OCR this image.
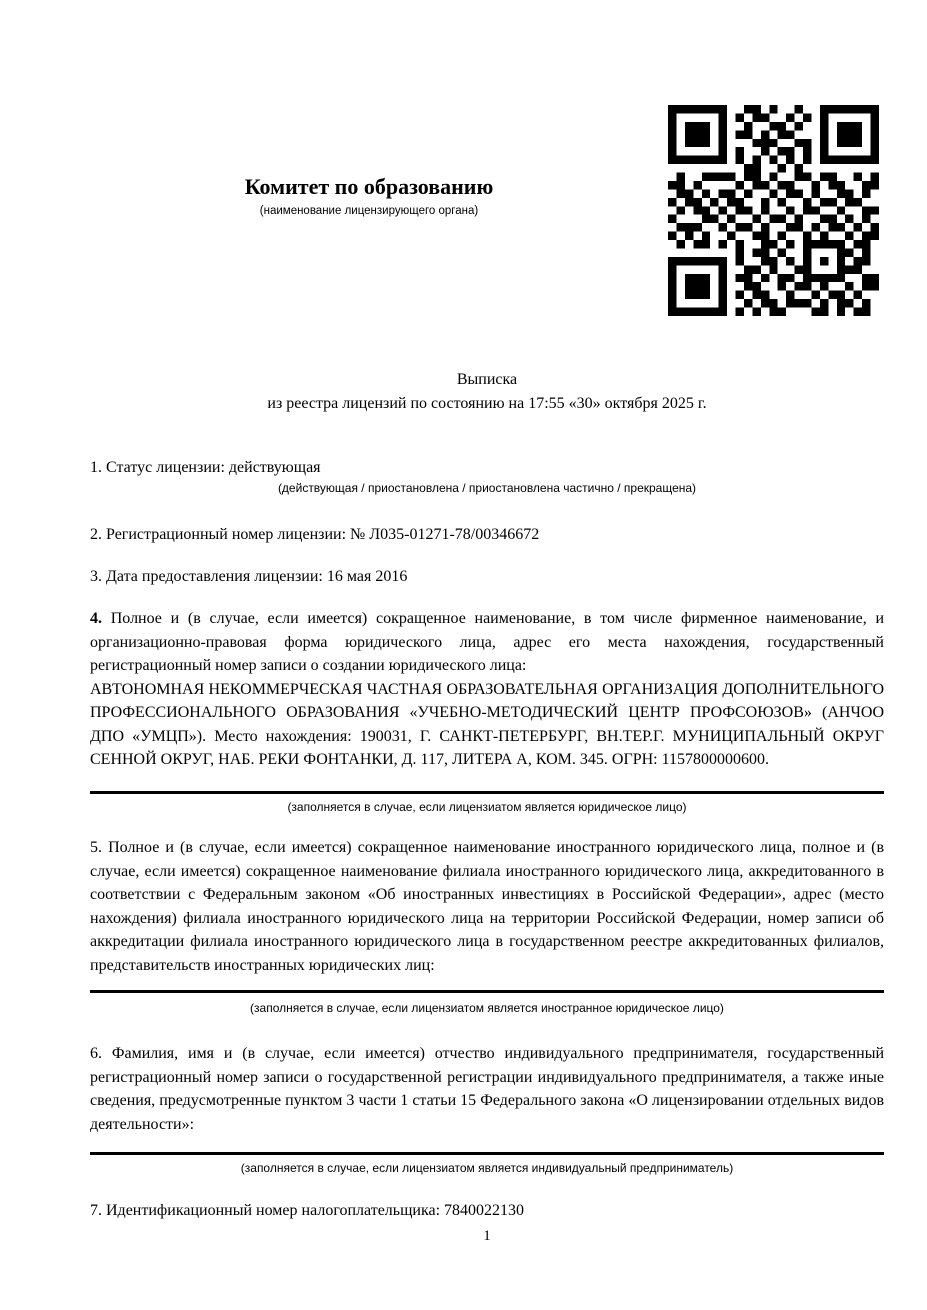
Комитет по образованию
(наименование лицензирующего органа)
Выписка
из реестра лицензий по состоянию на 17:55 «30» октября 2025 г.
1. Статус лицензии: действующая
(действующая / приостановлена / приостановлена частично / прекращена)
2. Регистрационный номер лицензии: № Л035-01271-78/00346672
3. Дата предоставления лицензии: 16 мая 2016
4. Полное и (в случае, если имеется) сокращенное наименование, в том числе фирменное наименование, и организационно-правовая форма юридического лица, адрес его места нахождения, государственный регистрационный номер записи о создании юридического лица:
АВТОНОМНАЯ НЕКОММЕРЧЕСКАЯ ЧАСТНАЯ ОБРАЗОВАТЕЛЬНАЯ ОРГАНИЗАЦИЯ ДОПОЛНИТЕЛЬНОГО ПРОФЕССИОНАЛЬНОГО ОБРАЗОВАНИЯ «УЧЕБНО-МЕТОДИЧЕСКИЙ ЦЕНТР ПРОФСОЮЗОВ» (АНЧОО ДПО «УМЦП»). Место нахождения: 190031, Г. САНКТ-ПЕТЕРБУРГ, ВН.ТЕР.Г. МУНИЦИПАЛЬНЫЙ ОКРУГ СЕННОЙ ОКРУГ, НАБ. РЕКИ ФОНТАНКИ, Д. 117, ЛИТЕРА А, КОМ. 345. ОГРН: 1157800000600.
(заполняется в случае, если лицензиатом является юридическое лицо)
5. Полное и (в случае, если имеется) сокращенное наименование иностранного юридического лица, полное и (в случае, если имеется) сокращенное наименование филиала иностранного юридического лица, аккредитованного в соответствии с Федеральным законом «Об иностранных инвестициях в Российской Федерации», адрес (место нахождения) филиала иностранного юридического лица на территории Российской Федерации, номер записи об аккредитации филиала иностранного юридического лица в государственном реестре аккредитованных филиалов, представительств иностранных юридических лиц:
(заполняется в случае, если лицензиатом является иностранное юридическое лицо)
6. Фамилия, имя и (в случае, если имеется) отчество индивидуального предпринимателя, государственный регистрационный номер записи о государственной регистрации индивидуального предпринимателя, а также иные сведения, предусмотренные пунктом 3 части 1 статьи 15 Федерального закона «О лицензировании отдельных видов деятельности»:
(заполняется в случае, если лицензиатом является индивидуальный предприниматель)
7. Идентификационный номер налогоплательщика: 7840022130
1
